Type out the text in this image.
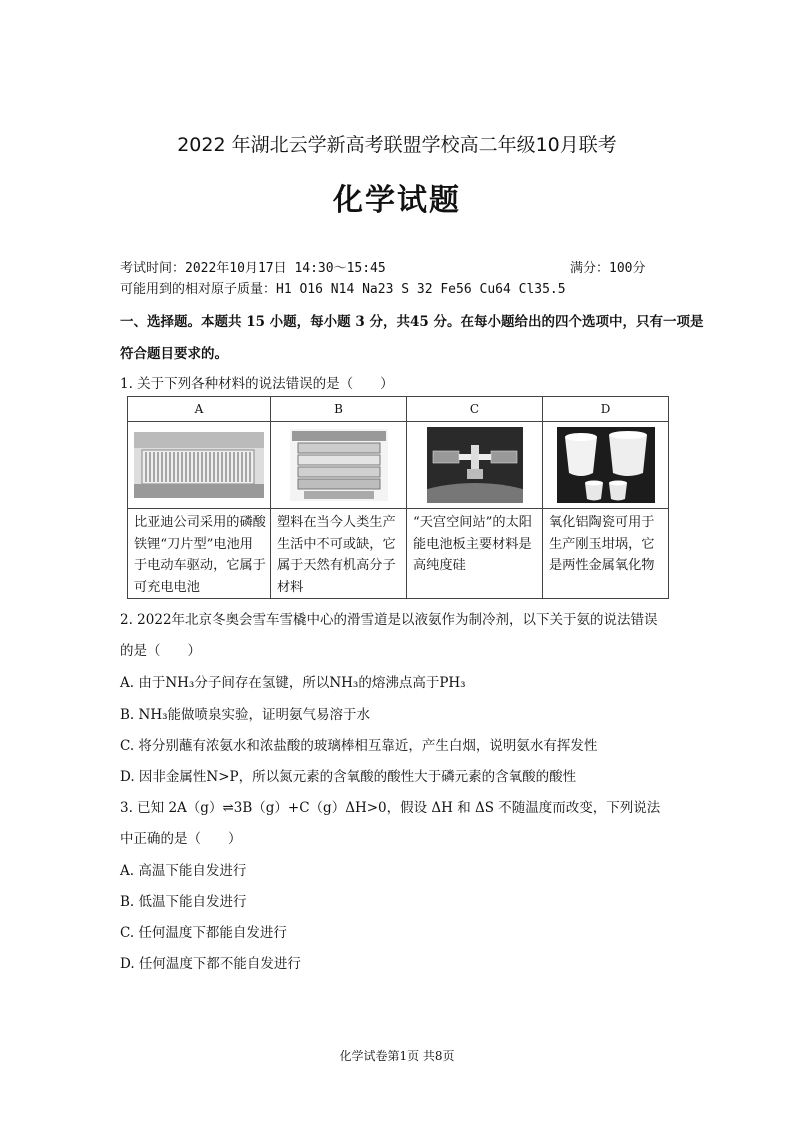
2022 年湖北云学新高考联盟学校高二年级10月联考
化学试题
考试时间：2022年10月17日 14:30～15:45	满分：100分
可能用到的相对原子质量：H1 O16 N14 Na23 S 32 Fe56 Cu64 Cl35.5
一、选择题。本题共 15 小题，每小题 3 分，共45 分。在每小题给出的四个选项中，只有一项是
符合题目要求的。
1. 关于下列各种材料的说法错误的是（　　）
A	B	C	D

比亚迪公司采用的磷酸铁锂“刀片型”电池用于电动车驱动，它属于可充电电池	塑料在当今人类生产生活中不可或缺，它属于天然有机高分子材料	“天宫空间站”的太阳能电池板主要材料是高纯度硅	氧化铝陶瓷可用于生产刚玉坩埚，它是两性金属氧化物
2. 2022年北京冬奥会雪车雪橇中心的滑雪道是以液氨作为制冷剂，以下关于氨的说法错误
的是（　　）
A. 由于NH₃分子间存在氢键，所以NH₃的熔沸点高于PH₃
B. NH₃能做喷泉实验，证明氨气易溶于水
C. 将分别蘸有浓氨水和浓盐酸的玻璃棒相互靠近，产生白烟，说明氨水有挥发性
D. 因非金属性N>P，所以氮元素的含氧酸的酸性大于磷元素的含氧酸的酸性
3. 已知 2A（g）⇌3B（g）+C（g）ΔH>0，假设 ΔH 和 ΔS 不随温度而改变，下列说法
中正确的是（　　）
A. 高温下能自发进行
B. 低温下能自发进行
C. 任何温度下都能自发进行
D. 任何温度下都不能自发进行
化学试卷第1页 共8页
